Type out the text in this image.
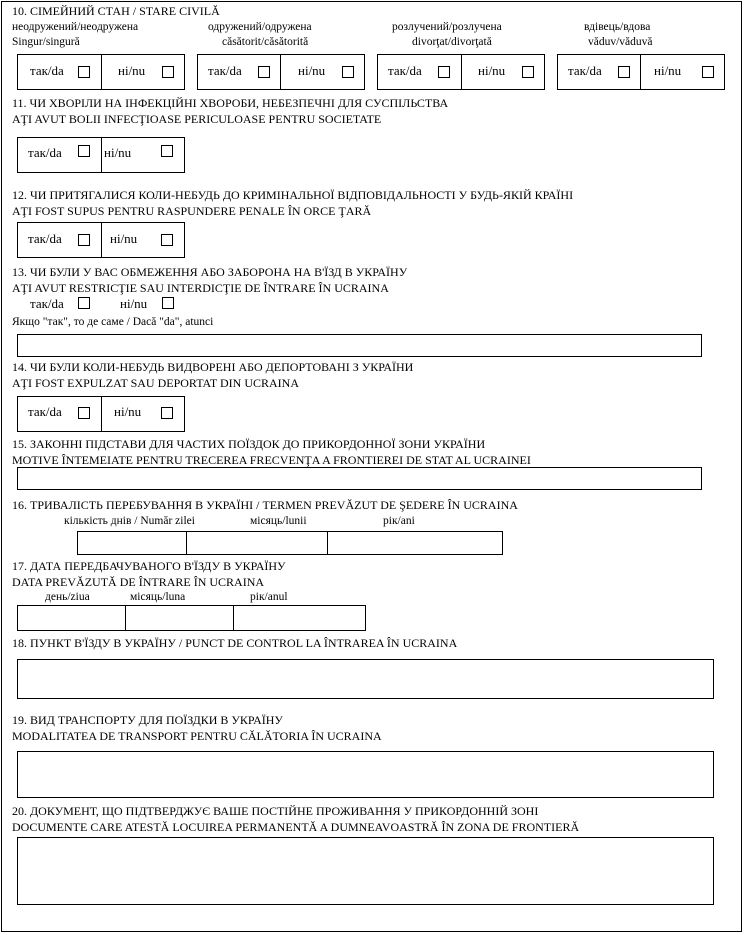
10. СІМЕЙНИЙ СТАН / STARE CIVILĂ
неодружений/неодружена
Singur/singură
одружений/одружена
căsătorit/căsătorită
розлучений/розлучена
divorţat/divorţată
вдівець/вдова
văduv/văduvă
так/da	ні/nu	так/da	ні/nu	так/da	ні/nu	так/da	ні/nu
11. ЧИ ХВОРІЛИ НА ІНФЕКЦІЙНІ ХВОРОБИ, НЕБЕЗПЕЧНІ ДЛЯ СУСПІЛЬСТВА
AŢI AVUT BOLII INFECŢIOASE PERICULOASE PENTRU SOCIETATE
так/da	ні/nu
12. ЧИ ПРИТЯГАЛИСЯ КОЛИ-НЕБУДЬ ДО КРИМІНАЛЬНОЇ ВІДПОВІДАЛЬНОСТІ У БУДЬ-ЯКІЙ КРАЇНІ
AŢI FOST SUPUS PENTRU RASPUNDERE PENALE ÎN ORCE ŢARĂ
так/da	ні/nu
13. ЧИ БУЛИ У ВАС ОБМЕЖЕННЯ АБО ЗАБОРОНА НА В'ЇЗД В УКРАЇНУ
AŢI AVUT RESTRICŢIE SAU INTERDICŢIE DE ÎNTRARE ÎN UCRAINA
так/da	ні/nu
Якщо "так", то де саме / Dacă "da", atunci
14. ЧИ БУЛИ КОЛИ-НЕБУДЬ ВИДВОРЕНІ АБО ДЕПОРТОВАНІ З УКРАЇНИ
AŢI FOST EXPULZAT SAU DEPORTAT DIN UCRAINA
так/da	ні/nu
15. ЗАКОННІ ПІДСТАВИ ДЛЯ ЧАСТИХ ПОЇЗДОК ДО ПРИКОРДОННОЇ ЗОНИ УКРАЇНИ
MOTIVE ÎNTEMEIATE PENTRU TRECEREA FRECVENŢA A FRONTIEREI DE STAT AL UCRAINEI
16. ТРИВАЛІСТЬ ПЕРЕБУВАННЯ В УКРАЇНІ / TERMEN PREVĂZUT DE ŞEDERE ÎN UCRAINA
кількість днів / Număr zilei	місяць/lunii	рік/ani
17. ДАТА ПЕРЕДБАЧУВАНОГО В'ЇЗДУ В УКРАЇНУ
DATA PREVĂZUTĂ DE ÎNTRARE ÎN UCRAINA
день/ziua	місяць/luna	рік/anul
18. ПУНКТ В'ЇЗДУ В УКРАЇНУ / PUNCT DE CONTROL LA ÎNTRAREA ÎN UCRAINA
19. ВИД ТРАНСПОРТУ ДЛЯ ПОЇЗДКИ В УКРАЇНУ
MODALITATEA DE TRANSPORT PENTRU CĂLĂTORIA ÎN UCRAINA
20. ДОКУМЕНТ, ЩО ПІДТВЕРДЖУЄ ВАШЕ ПОСТІЙНЕ ПРОЖИВАННЯ У ПРИКОРДОННІЙ ЗОНІ
DOCUMENTE CARE ATESTĂ LOCUIREA PERMANENTĂ A DUMNEAVOASTRĂ ÎN ZONA DE FRONTIERĂ
